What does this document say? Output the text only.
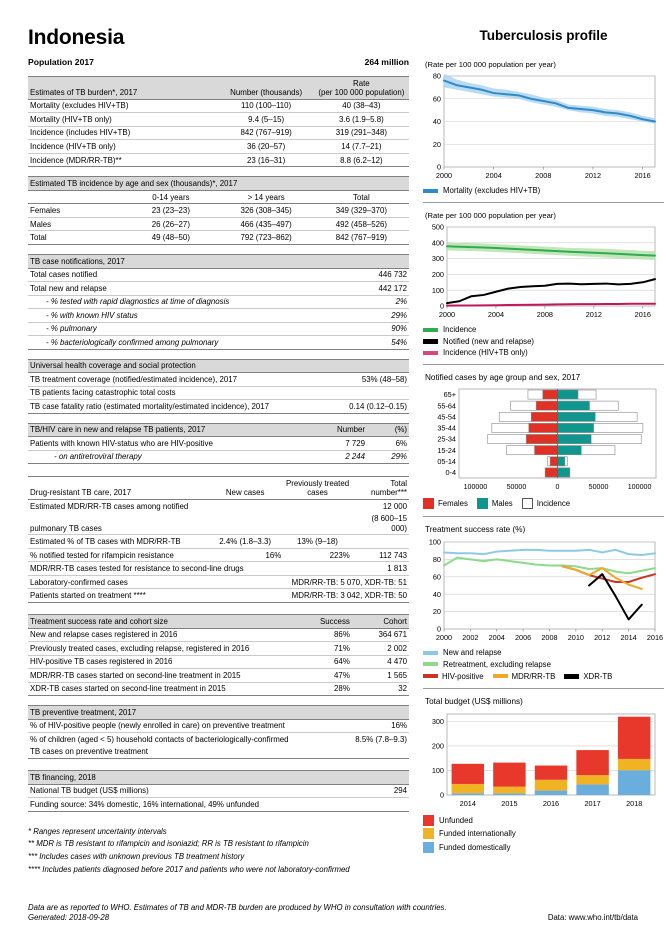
Indonesia
Population 2017	264 million
Estimates of TB burden*, 2017	Number (thousands)	Rate
(per 100 000 population)
Mortality (excludes HIV+TB)	110 (100–110)	40 (38–43)
Mortality (HIV+TB only)	9.4 (5–15)	3.6 (1.9–5.8)
Incidence (includes HIV+TB)	842 (767–919)	319 (291–348)
Incidence (HIV+TB only)	36 (20–57)	14 (7.7–21)
Incidence (MDR/RR-TB)**	23 (16–31)	8.8 (6.2–12)
Estimated TB incidence by age and sex (thousands)*, 2017			
	0-14 years	> 14 years	Total
Females	23 (23–23)	326 (308–345)	349 (329–370)
Males	26 (26–27)	466 (435–497)	492 (458–526)
Total	49 (48–50)	792 (723–862)	842 (767–919)
TB case notifications, 2017	
Total cases notified	446 732
Total new and relapse	442 172
- % tested with rapid diagnostics at time of diagnosis	2%
- % with known HIV status	29%
- % pulmonary	90%
- % bacteriologically confirmed among pulmonary	54%
Universal health coverage and social protection	
TB treatment coverage (notified/estimated incidence), 2017	53% (48–58)
TB patients facing catastrophic total costs	
TB case fatality ratio (estimated mortality/estimated incidence), 2017	0.14 (0.12–0.15)
TB/HIV care in new and relapse TB patients, 2017	Number	(%)
Patients with known HIV-status who are HIV-positive	7 729	6%
- on antiretroviral therapy	2 244	29%
Drug-resistant TB care, 2017	New cases	Previously treated
cases	Total
number***
Estimated MDR/RR-TB cases among notified			12 000
pulmonary TB cases			(8 600–15 000)
Estimated % of TB cases with MDR/RR-TB	2.4% (1.8–3.3)	13% (9–18)	
% notified tested for rifampicin resistance	16%	223%	112 743
MDR/RR-TB cases tested for resistance to second-line drugs			1 813
Laboratory-confirmed cases	MDR/RR-TB: 5 070, XDR-TB: 51		
Patients started on treatment ****	MDR/RR-TB: 3 042, XDR-TB: 50		
Treatment success rate and cohort size	Success	Cohort
New and relapse cases registered in 2016	86%	364 671
Previously treated cases, excluding relapse, registered in 2016	71%	2 002
HIV-positive TB cases registered in 2016	64%	4 470
MDR/RR-TB cases started on second-line treatment in 2015	47%	1 565
XDR-TB cases started on second-line treatment in 2015	28%	32
TB preventive treatment, 2017	
% of HIV-positive people (newly enrolled in care) on preventive treatment	16%
% of children (aged < 5) household contacts of bacteriologically-confirmed	8.5% (7.8–9.3)
TB cases on preventive treatment	
TB financing, 2018	
National TB budget (US$ millions)	294
Funding source: 34% domestic, 16% international, 49% unfunded	
* Ranges represent uncertainty intervals
** MDR is TB resistant to rifampicin and isoniazid; RR is TB resistant to rifampicin
*** Includes cases with unknown previous TB treatment history
**** Includes patients diagnosed before 2017 and patients who were not laboratory-confirmed
Tuberculosis profile
(Rate per 100 000 population per year)
0
20
40
60
80
2000	2004	2008	2012	2016
Mortality (excludes HIV+TB)
(Rate per 100 000 population per year)
0
100
200
300
400
500
2000	2004	2008	2012	2016
Incidence
Notified (new and relapse)
Incidence (HIV+TB only)
Notified cases by age group and sex, 2017
65+
55-64
45-54
35-44
25-34
15-24
05-14
0-4
100000	50000	0	50000	100000
Females	Males	Incidence
Treatment success rate (%)
0
20
40
60
80
100
2000 2002 2004 2006 2008 2010 2012 2014 2016
New and relapse
Retreatment, excluding relapse
HIV-positive	MDR/RR-TB	XDR-TB
Total budget (US$ millions)
0
100
200
300
2014	2015	2016	2017	2018
Unfunded
Funded internationally
Funded domestically
Data are as reported to WHO. Estimates of TB and MDR-TB burden are produced by WHO in consultation with countries.
Generated: 2018-09-28	Data: www.who.int/tb/data
